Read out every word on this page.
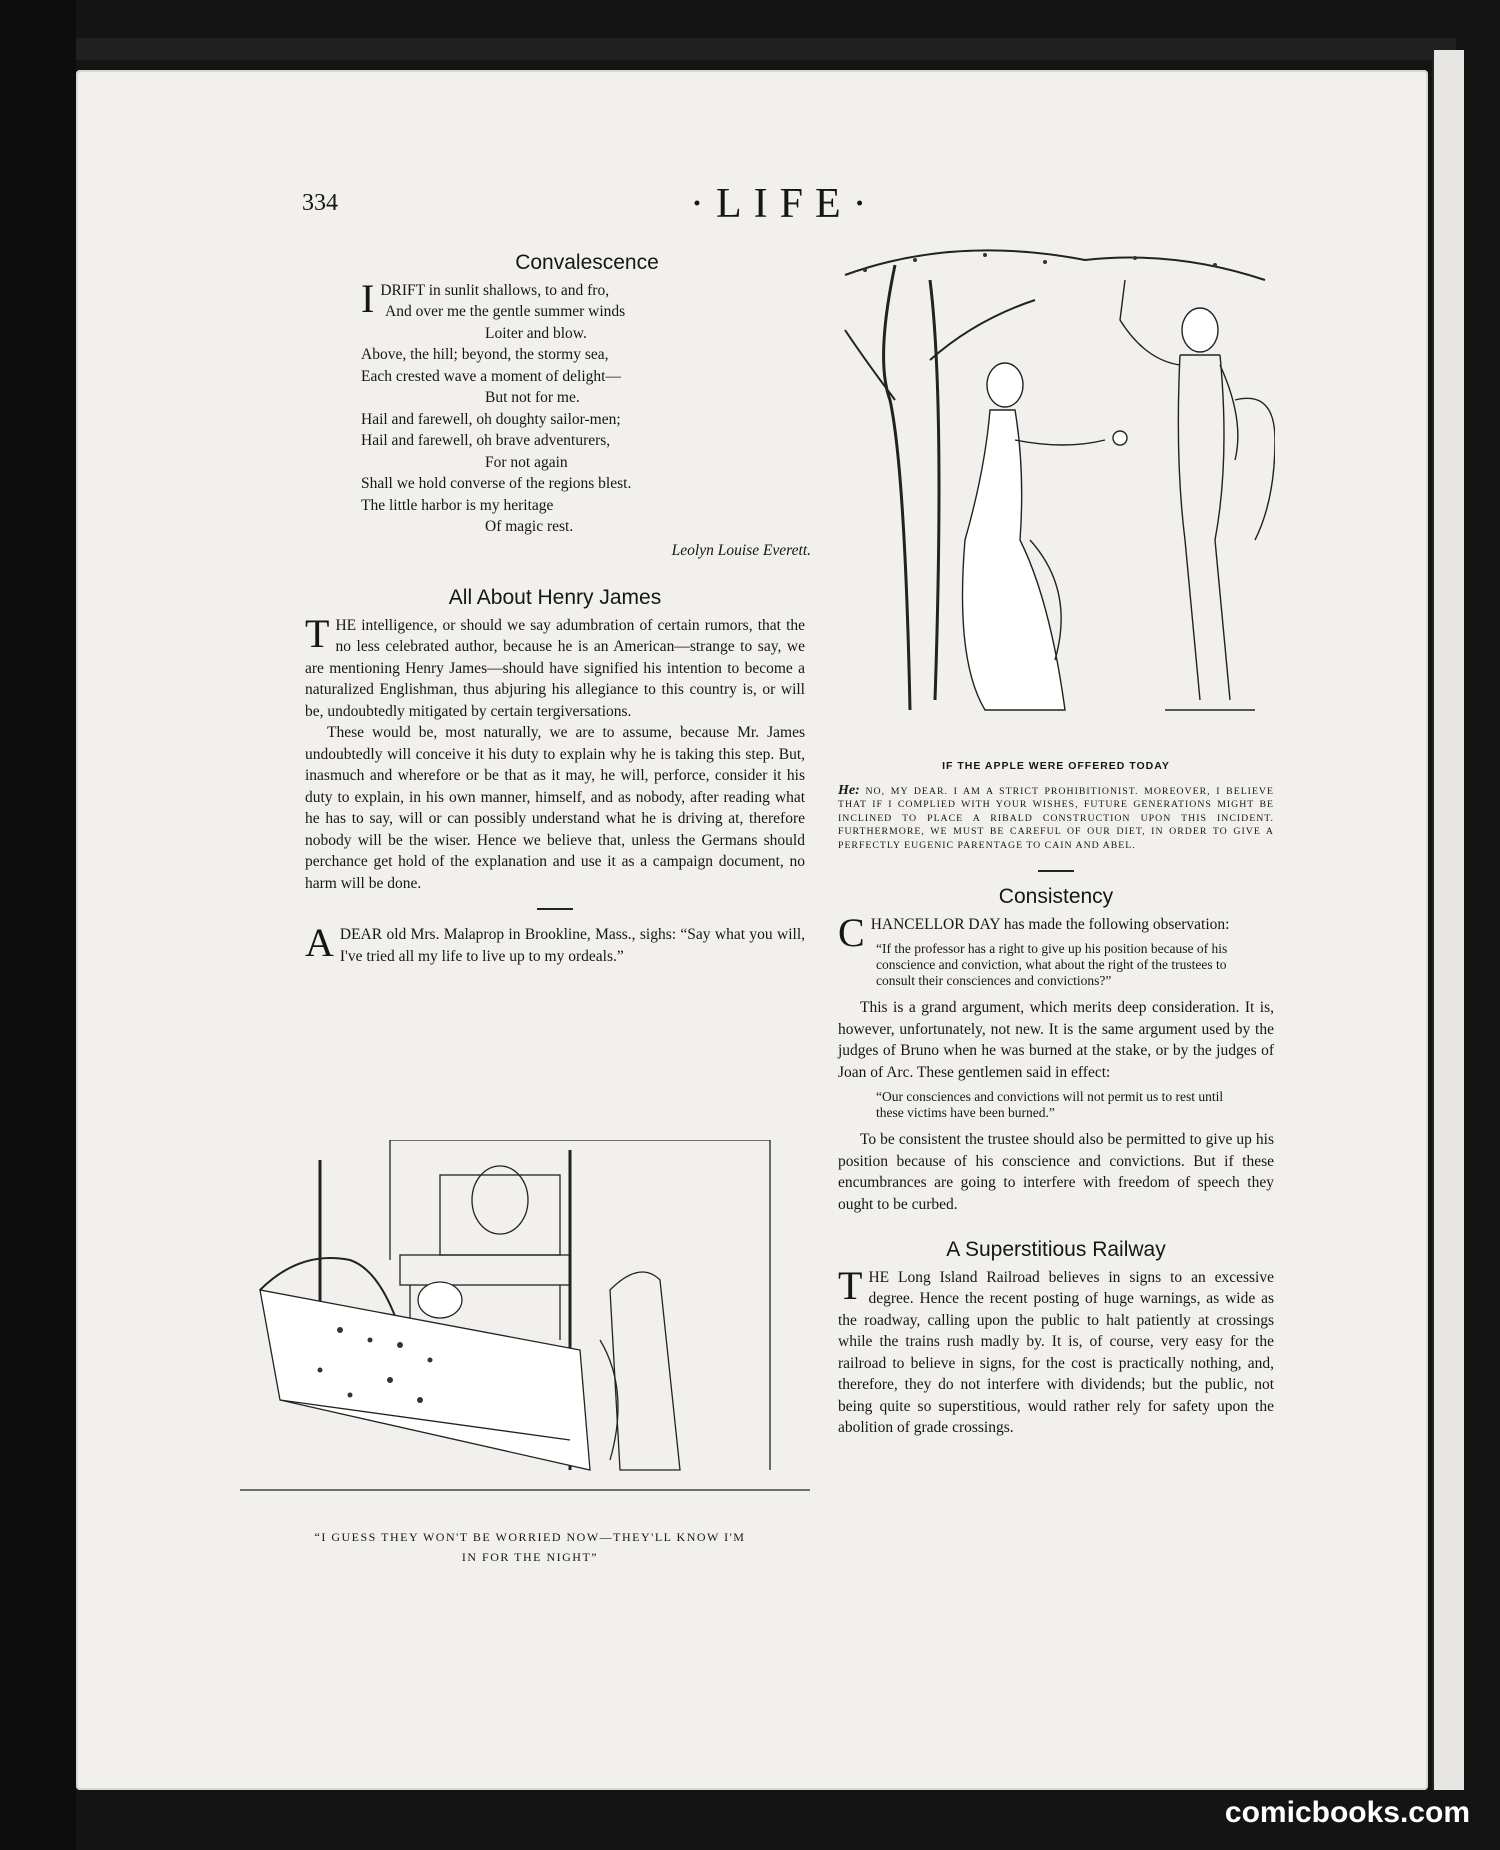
334	·LIFE·
Convalescence
I DRIFT in sunlit shallows, to and fro,
And over me the gentle summer winds
Loiter and blow.
Above, the hill; beyond, the stormy sea,
Each crested wave a moment of delight—
But not for me.
Hail and farewell, oh doughty sailor-men;
Hail and farewell, oh brave adventurers,
For not again
Shall we hold converse of the regions blest.
The little harbor is my heritage
Of magic rest.
Leolyn Louise Everett.
All About Henry James

THE intelligence, or should we say adumbration of certain rumors, that the no less celebrated author, because he is an American—strange to say, we are mentioning Henry James—should have signified his intention to become a naturalized Englishman, thus abjuring his allegiance to this country is, or will be, undoubtedly mitigated by certain tergiversations.

These would be, most naturally, we are to assume, because Mr. James undoubtedly will conceive it his duty to explain why he is taking this step. But, inasmuch and wherefore or be that as it may, he will, perforce, consider it his duty to explain, in his own manner, himself, and as nobody, after reading what he has to say, will or can possibly understand what he is driving at, therefore nobody will be the wiser. Hence we believe that, unless the Germans should perchance get hold of the explanation and use it as a campaign document, no harm will be done.

ADEAR old Mrs. Malaprop in Brookline, Mass., sighs: “Say what you will, I've tried all my life to live up to my ordeals.”

“I GUESS THEY WON'T BE WORRIED NOW—THEY'LL KNOW I'M
IN FOR THE NIGHT”
IF THE APPLE WERE OFFERED TODAY
He: NO, MY DEAR. I AM A STRICT PROHIBITIONIST. MOREOVER, I BELIEVE THAT IF I COMPLIED WITH YOUR WISHES, FUTURE GENERATIONS MIGHT BE INCLINED TO PLACE A RIBALD CONSTRUCTION UPON THIS INCIDENT. FURTHERMORE, WE MUST BE CAREFUL OF OUR DIET, IN ORDER TO GIVE A PERFECTLY EUGENIC PARENTAGE TO CAIN AND ABEL.
Consistency

CHANCELLOR DAY has made the following observation:

“If the professor has a right to give up his position because of his conscience and conviction, what about the right of the trustees to consult their consciences and convictions?”

This is a grand argument, which merits deep consideration. It is, however, unfortunately, not new. It is the same argument used by the judges of Bruno when he was burned at the stake, or by the judges of Joan of Arc. These gentlemen said in effect:

“Our consciences and convictions will not permit us to rest until these victims have been burned.”

To be consistent the trustee should also be permitted to give up his position because of his conscience and convictions. But if these encumbrances are going to interfere with freedom of speech they ought to be curbed.

A Superstitious Railway

THE Long Island Railroad believes in signs to an excessive degree. Hence the recent posting of huge warnings, as wide as the roadway, calling upon the public to halt patiently at crossings while the trains rush madly by. It is, of course, very easy for the railroad to believe in signs, for the cost is practically nothing, and, therefore, they do not interfere with dividends; but the public, not being quite so superstitious, would rather rely for safety upon the abolition of grade crossings.

comicbooks.com
